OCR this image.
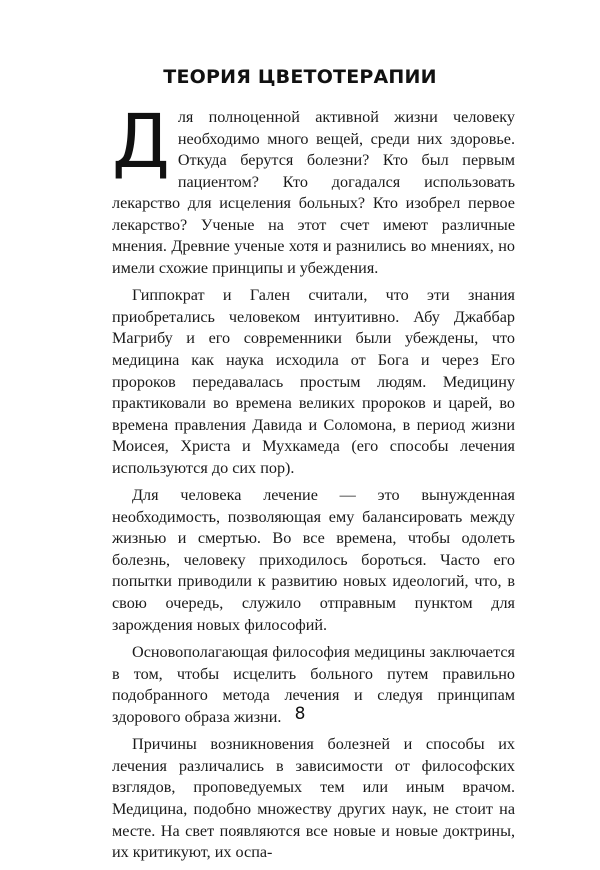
ТЕОРИЯ ЦВЕТОТЕРАПИИ

Для полноценной активной жизни человеку необходимо много вещей, среди них здоровье. Откуда берутся болезни? Кто был первым пациентом? Кто догадался использовать лекарство для исцеления больных? Кто изобрел первое лекарство? Ученые на этот счет имеют различные мнения. Древние ученые хотя и разнились во мнениях, но имели схожие принципы и убеждения.

Гиппократ и Гален считали, что эти знания приобретались человеком интуитивно. Абу Джаббар Магрибу и его современники были убеждены, что медицина как наука исходила от Бога и через Его пророков передавалась простым людям. Медицину практиковали во времена великих пророков и царей, во времена правления Давида и Соломона, в период жизни Моисея, Христа и Мухкамеда (его способы лечения используются до сих пор).

Для человека лечение — это вынужденная необходимость, позволяющая ему балансировать между жизнью и смертью. Во все времена, чтобы одолеть болезнь, человеку приходилось бороться. Часто его попытки приводили к развитию новых идеологий, что, в свою очередь, служило отправным пунктом для зарождения новых философий.

Основополагающая философия медицины заключается в том, чтобы исцелить больного путем правильно подобранного метода лечения и следуя принципам здорового образа жизни.

Причины возникновения болезней и способы их лечения различались в зависимости от философских взглядов, проповедуемых тем или иным врачом. Медицина, подобно множеству других наук, не стоит на месте. На свет появляются все новые и новые доктрины, их критикуют, их оспа-

8
